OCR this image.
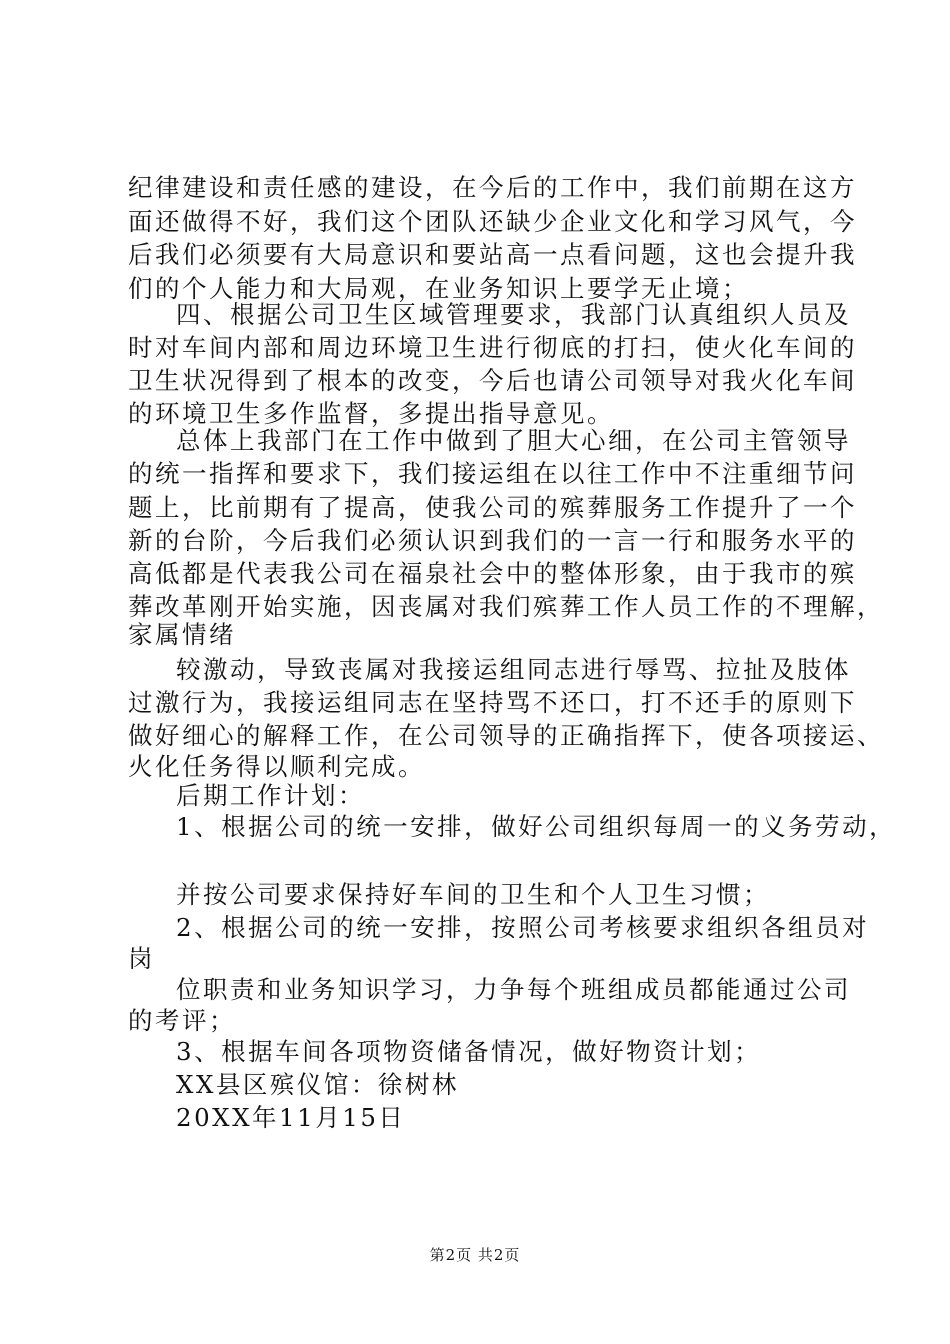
纪律建设和责任感的建设，在今后的工作中，我们前期在这方
面还做得不好，我们这个团队还缺少企业文化和学习风气，今
后我们必须要有大局意识和要站高一点看问题，这也会提升我
们的个人能力和大局观，在业务知识上要学无止境；
四、根据公司卫生区域管理要求，我部门认真组织人员及
时对车间内部和周边环境卫生进行彻底的打扫，使火化车间的
卫生状况得到了根本的改变，今后也请公司领导对我火化车间
的环境卫生多作监督，多提出指导意见。
总体上我部门在工作中做到了胆大心细，在公司主管领导
的统一指挥和要求下，我们接运组在以往工作中不注重细节问
题上，比前期有了提高，使我公司的殡葬服务工作提升了一个
新的台阶，今后我们必须认识到我们的一言一行和服务水平的
高低都是代表我公司在福泉社会中的整体形象，由于我市的殡
葬改革刚开始实施，因丧属对我们殡葬工作人员工作的不理解，
家属情绪
较激动，导致丧属对我接运组同志进行辱骂、拉扯及肢体
过激行为，我接运组同志在坚持骂不还口，打不还手的原则下
做好细心的解释工作，在公司领导的正确指挥下，使各项接运、
火化任务得以顺利完成。
后期工作计划：
1、根据公司的统一安排，做好公司组织每周一的义务劳动，
并按公司要求保持好车间的卫生和个人卫生习惯；
2、根据公司的统一安排，按照公司考核要求组织各组员对
岗
位职责和业务知识学习，力争每个班组成员都能通过公司
的考评；
3、根据车间各项物资储备情况，做好物资计划；
XX县区殡仪馆：徐树林
20XX年11月15日
第2页 共2页
